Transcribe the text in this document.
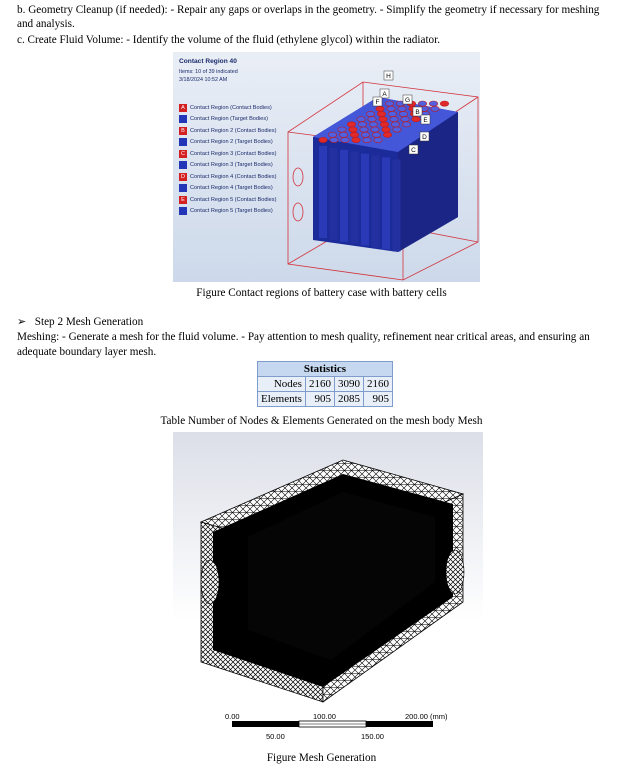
b. Geometry Cleanup (if needed): - Repair any gaps or overlaps in the geometry. - Simplify the geometry if necessary for meshing
and analysis.
c. Create Fluid Volume: - Identify the volume of the fluid (ethylene glycol) within the radiator.
Contact Region 40
Items: 10 of 39 indicated
3/18/2024 10:52 AM
A Contact Region (Contact Bodies)
Contact Region (Target Bodies)
B Contact Region 2 (Contact Bodies)
Contact Region 2 (Target Bodies)
C Contact Region 3 (Contact Bodies)
Contact Region 3 (Target Bodies)
D Contact Region 4 (Contact Bodies)
Contact Region 4 (Target Bodies)
E Contact Region 5 (Contact Bodies)
Contact Region 5 (Target Bodies)
H
A
F	G
B
E
D
C
Figure Contact regions of battery case with battery cells
➢ Step 2 Mesh Generation
Meshing: - Generate a mesh for the fluid volume. - Pay attention to mesh quality, refinement near critical areas, and ensuring an
adequate boundary layer mesh.
Statistics			
Nodes	2160	3090	2160
Elements	905	2085	905
Table Number of Nodes & Elements Generated on the mesh body Mesh
0.00	100.00	200.00 (mm)
50.00	150.00
Figure Mesh Generation
